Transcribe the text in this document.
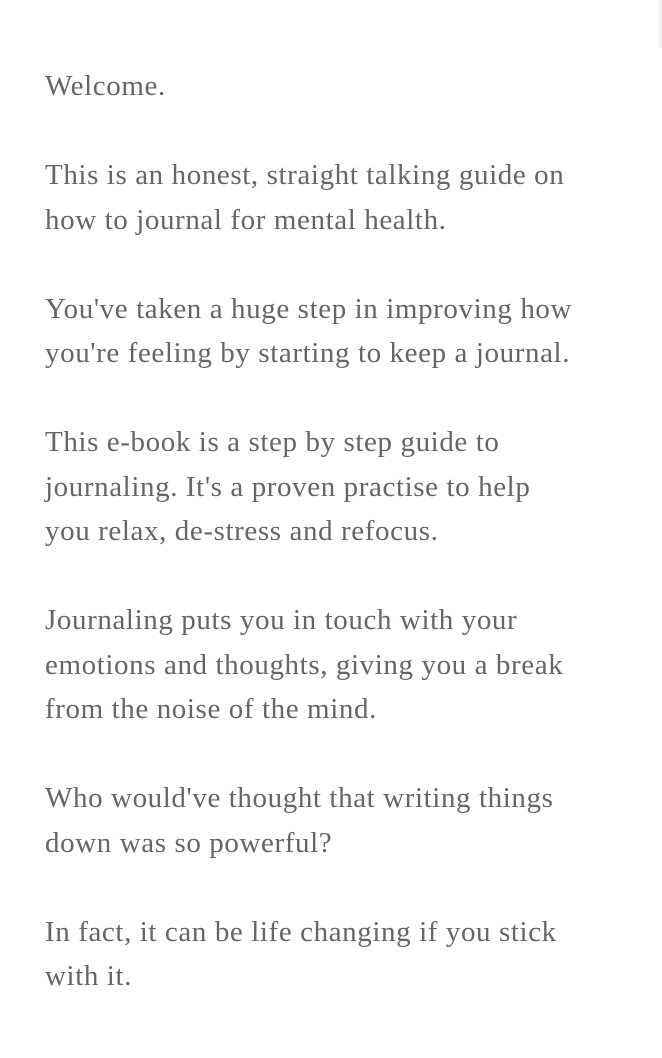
Welcome.

This is an honest, straight talking guide on
how to journal for mental health.

You've taken a huge step in improving how
you're feeling by starting to keep a journal.

This e-book is a step by step guide to
journaling. It's a proven practise to help
you relax, de-stress and refocus.

Journaling puts you in touch with your
emotions and thoughts, giving you a break
from the noise of the mind.

Who would've thought that writing things
down was so powerful?

In fact, it can be life changing if you stick
with it.
